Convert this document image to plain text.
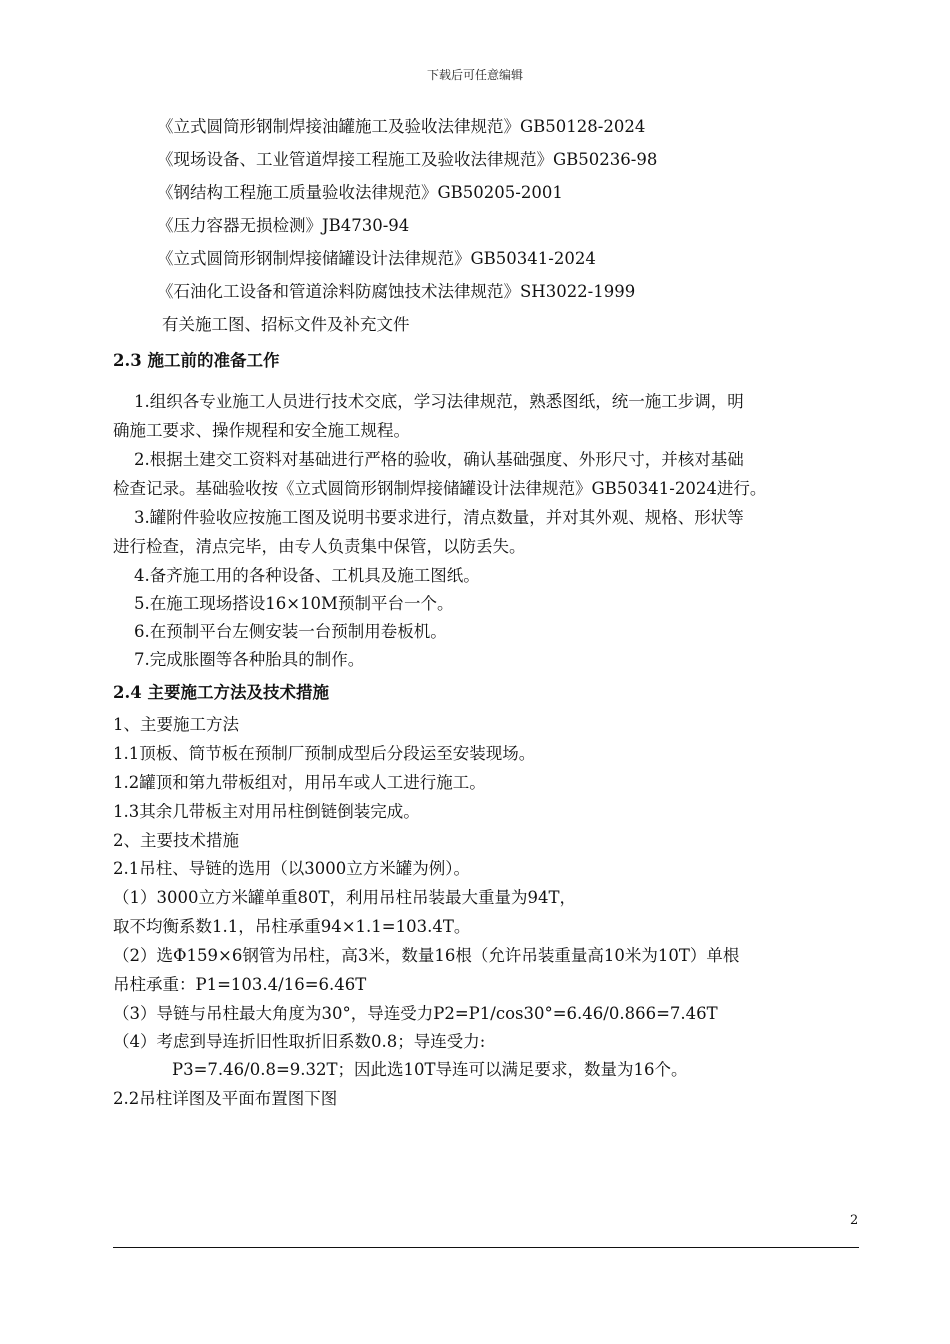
下载后可任意编辑
《立式圆筒形钢制焊接油罐施工及验收法律规范》GB50128-2024
《现场设备、工业管道焊接工程施工及验收法律规范》GB50236-98
《钢结构工程施工质量验收法律规范》GB50205-2001
《压力容器无损检测》JB4730-94
《立式圆筒形钢制焊接储罐设计法律规范》GB50341-2024
《石油化工设备和管道涂料防腐蚀技术法律规范》SH3022-1999
有关施工图、招标文件及补充文件
2.3 施工前的准备工作
1.组织各专业施工人员进行技术交底，学习法律规范，熟悉图纸，统一施工步调，明
确施工要求、操作规程和安全施工规程。
2.根据土建交工资料对基础进行严格的验收，确认基础强度、外形尺寸，并核对基础
检查记录。基础验收按《立式圆筒形钢制焊接储罐设计法律规范》GB50341-2024进行。
3.罐附件验收应按施工图及说明书要求进行，清点数量，并对其外观、规格、形状等
进行检查，清点完毕，由专人负责集中保管，以防丢失。
4.备齐施工用的各种设备、工机具及施工图纸。
5.在施工现场搭设16×10M预制平台一个。
6.在预制平台左侧安装一台预制用卷板机。
7.完成胀圈等各种胎具的制作。
2.4 主要施工方法及技术措施
1、主要施工方法
1.1顶板、筒节板在预制厂预制成型后分段运至安装现场。
1.2罐顶和第九带板组对，用吊车或人工进行施工。
1.3其余几带板主对用吊柱倒链倒装完成。
2、主要技术措施
2.1吊柱、导链的选用（以3000立方米罐为例）。
（1）3000立方米罐单重80T，利用吊柱吊装最大重量为94T，
取不均衡系数1.1，吊柱承重94×1.1=103.4T。
（2）选Φ159×6钢管为吊柱，高3米，数量16根（允许吊装重量高10米为10T）单根
吊柱承重：P1=103.4/16=6.46T
（3）导链与吊柱最大角度为30°，导连受力P2=P1/cos30°=6.46/0.866=7.46T
（4）考虑到导连折旧性取折旧系数0.8；导连受力:
P3=7.46/0.8=9.32T；因此选10T导连可以满足要求，数量为16个。
2.2吊柱详图及平面布置图下图
2
